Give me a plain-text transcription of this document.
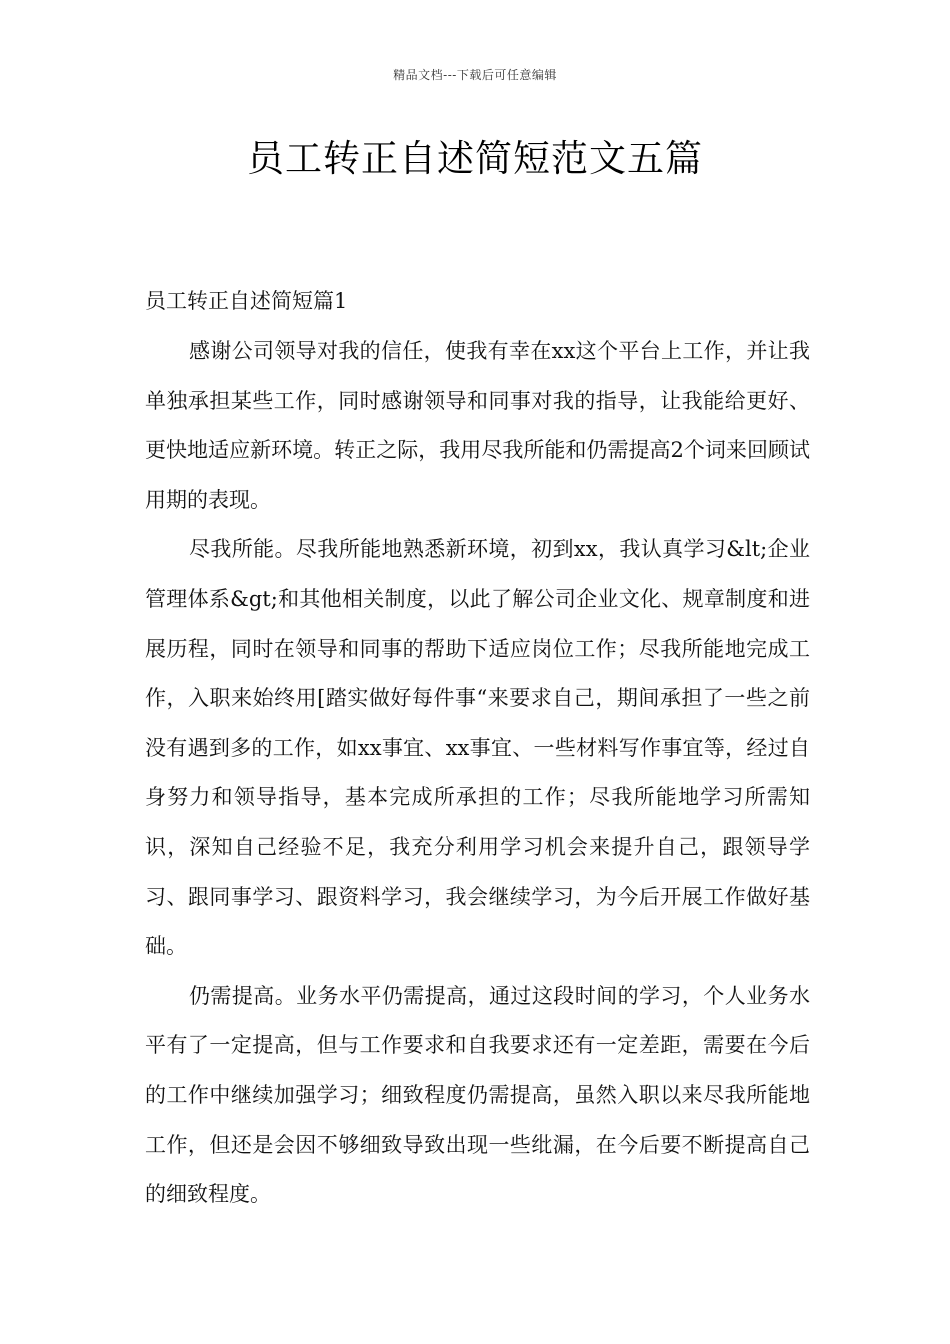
精品文档---下载后可任意编辑
员工转正自述简短范文五篇
员工转正自述简短篇1

感谢公司领导对我的信任，使我有幸在xx这个平台上工作，并让我单独承担某些工作，同时感谢领导和同事对我的指导，让我能给更好、更快地适应新环境。转正之际，我用尽我所能和仍需提高2个词来回顾试用期的表现。

尽我所能。尽我所能地熟悉新环境，初到xx，我认真学习&lt;企业管理体系&gt;和其他相关制度，以此了解公司企业文化、规章制度和进展历程，同时在领导和同事的帮助下适应岗位工作；尽我所能地完成工作，入职来始终用[踏实做好每件事“来要求自己，期间承担了一些之前没有遇到多的工作，如xx事宜、xx事宜、一些材料写作事宜等，经过自身努力和领导指导，基本完成所承担的工作；尽我所能地学习所需知识，深知自己经验不足，我充分利用学习机会来提升自己，跟领导学习、跟同事学习、跟资料学习，我会继续学习，为今后开展工作做好基础。

仍需提高。业务水平仍需提高，通过这段时间的学习，个人业务水平有了一定提高，但与工作要求和自我要求还有一定差距，需要在今后的工作中继续加强学习；细致程度仍需提高，虽然入职以来尽我所能地工作，但还是会因不够细致导致出现一些纰漏，在今后要不断提高自己的细致程度。
